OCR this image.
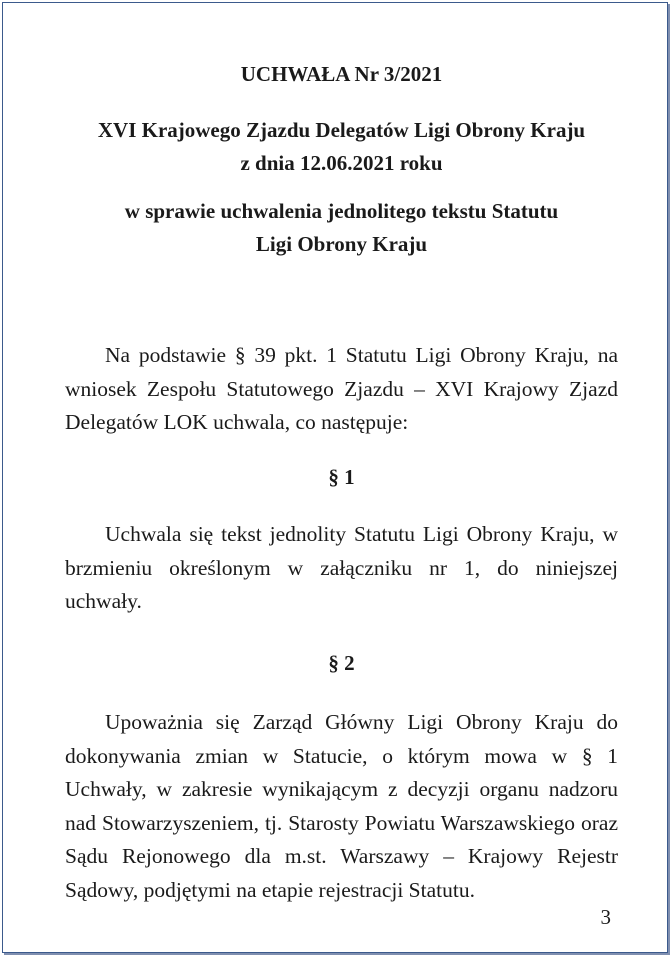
UCHWAŁA Nr 3/2021
XVI Krajowego Zjazdu Delegatów Ligi Obrony Kraju
z dnia 12.06.2021 roku
w sprawie uchwalenia jednolitego tekstu Statutu
Ligi Obrony Kraju
Na podstawie § 39 pkt. 1 Statutu Ligi Obrony Kraju, na wniosek Zespołu Statutowego Zjazdu – XVI Krajowy Zjazd Delegatów LOK uchwala, co następuje:
§ 1
Uchwala się tekst jednolity Statutu Ligi Obrony Kraju, w brzmieniu określonym w załączniku nr 1, do niniejszej uchwały.
§ 2
Upoważnia się Zarząd Główny Ligi Obrony Kraju do dokonywania zmian w Statucie, o którym mowa w § 1 Uchwały, w zakresie wynikającym z decyzji organu nadzoru nad Stowarzyszeniem, tj. Starosty Powiatu Warszawskiego oraz Sądu Rejonowego dla m.st. Warszawy – Krajowy Rejestr Sądowy, podjętymi na etapie rejestracji Statutu.
3
